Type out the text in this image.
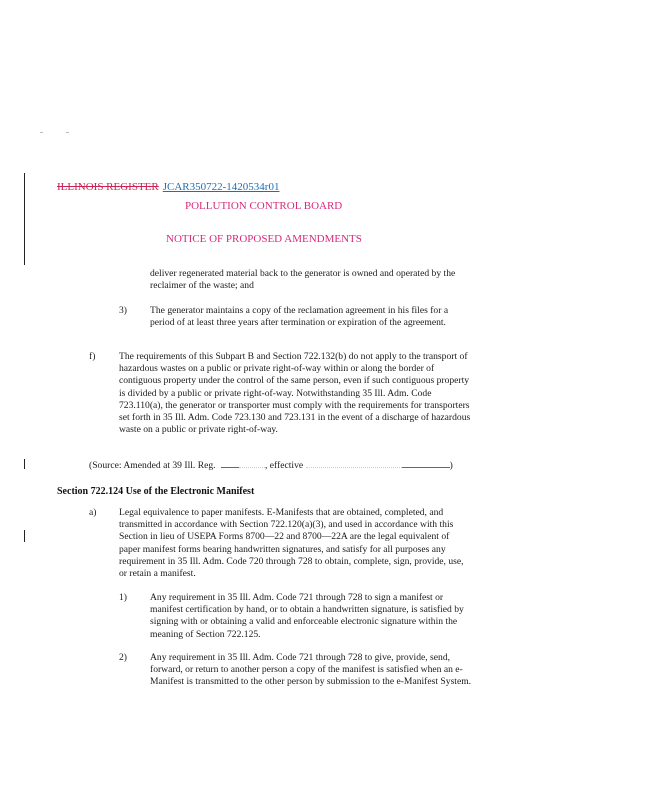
ILLINOIS REGISTER JCAR350722-1420534r01
POLLUTION CONTROL BOARD
NOTICE OF PROPOSED AMENDMENTS
deliver regenerated material back to the generator is owned and operated by the reclaimer of the waste; and
3) The generator maintains a copy of the reclamation agreement in his files for a period of at least three years after termination or expiration of the agreement.
f) The requirements of this Subpart B and Section 722.132(b) do not apply to the transport of hazardous wastes on a public or private right-of-way within or along the border of contiguous property under the control of the same person, even if such contiguous property is divided by a public or private right-of-way. Notwithstanding 35 Ill. Adm. Code 723.110(a), the generator or transporter must comply with the requirements for transporters set forth in 35 Ill. Adm. Code 723.130 and 723.131 in the event of a discharge of hazardous waste on a public or private right-of-way.
(Source: Amended at 39 Ill. Reg.	, effective	)
Section 722.124 Use of the Electronic Manifest
a) Legal equivalence to paper manifests. E-Manifests that are obtained, completed, and transmitted in accordance with Section 722.120(a)(3), and used in accordance with this Section in lieu of USEPA Forms 8700—22 and 8700—22A are the legal equivalent of paper manifest forms bearing handwritten signatures, and satisfy for all purposes any requirement in 35 Ill. Adm. Code 720 through 728 to obtain, complete, sign, provide, use, or retain a manifest.
1) Any requirement in 35 Ill. Adm. Code 721 through 728 to sign a manifest or manifest certification by hand, or to obtain a handwritten signature, is satisfied by signing with or obtaining a valid and enforceable electronic signature within the meaning of Section 722.125.
2) Any requirement in 35 Ill. Adm. Code 721 through 728 to give, provide, send, forward, or return to another person a copy of the manifest is satisfied when an e-Manifest is transmitted to the other person by submission to the e-Manifest System.
